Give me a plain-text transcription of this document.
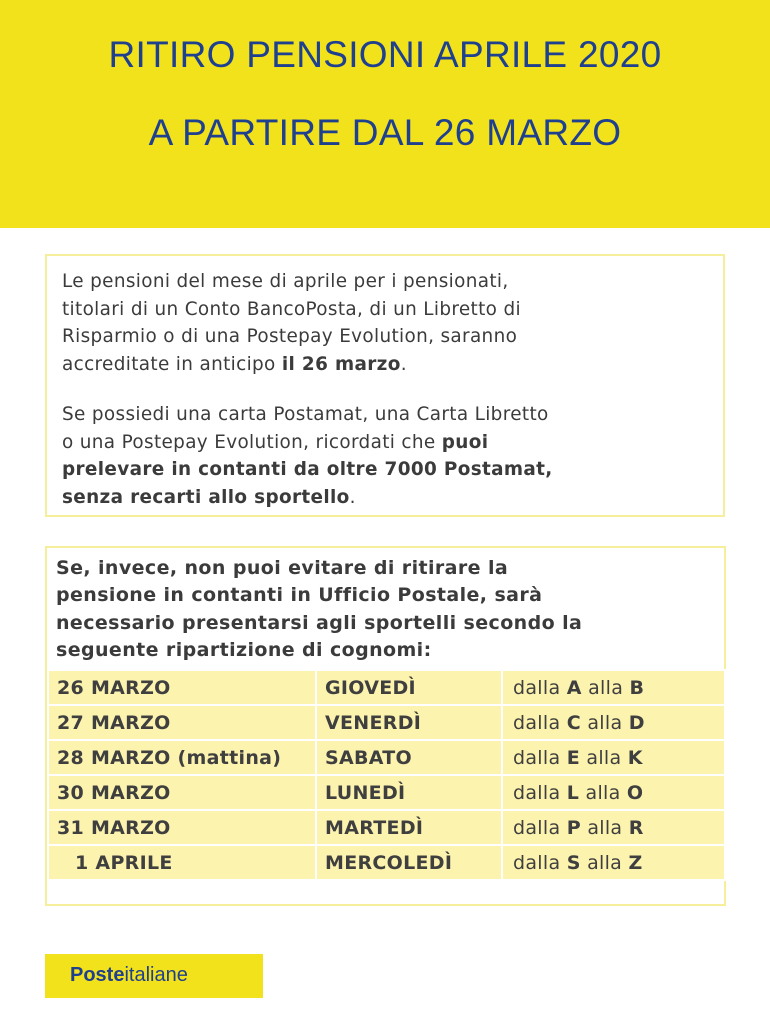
RITIRO PENSIONI APRILE 2020
A PARTIRE DAL 26 MARZO
Le pensioni del mese di aprile per i pensionati,
titolari di un Conto BancoPosta, di un Libretto di
Risparmio o di una Postepay Evolution, saranno
accreditate in anticipo il 26 marzo.
Se possiedi una carta Postamat, una Carta Libretto
o una Postepay Evolution, ricordati che puoi
prelevare in contanti da oltre 7000 Postamat,
senza recarti allo sportello.
Se, invece, non puoi evitare di ritirare la
pensione in contanti in Ufficio Postale, sarà
necessario presentarsi agli sportelli secondo la
seguente ripartizione di cognomi:
26 MARZO	GIOVEDÌ	dalla A alla B
27 MARZO	VENERDÌ	dalla C alla D
28 MARZO (mattina)	SABATO	dalla E alla K
30 MARZO	LUNEDÌ	dalla L alla O
31 MARZO	MARTEDÌ	dalla P alla R
1 APRILE	MERCOLEDÌ	dalla S alla Z
Posteitaliane
